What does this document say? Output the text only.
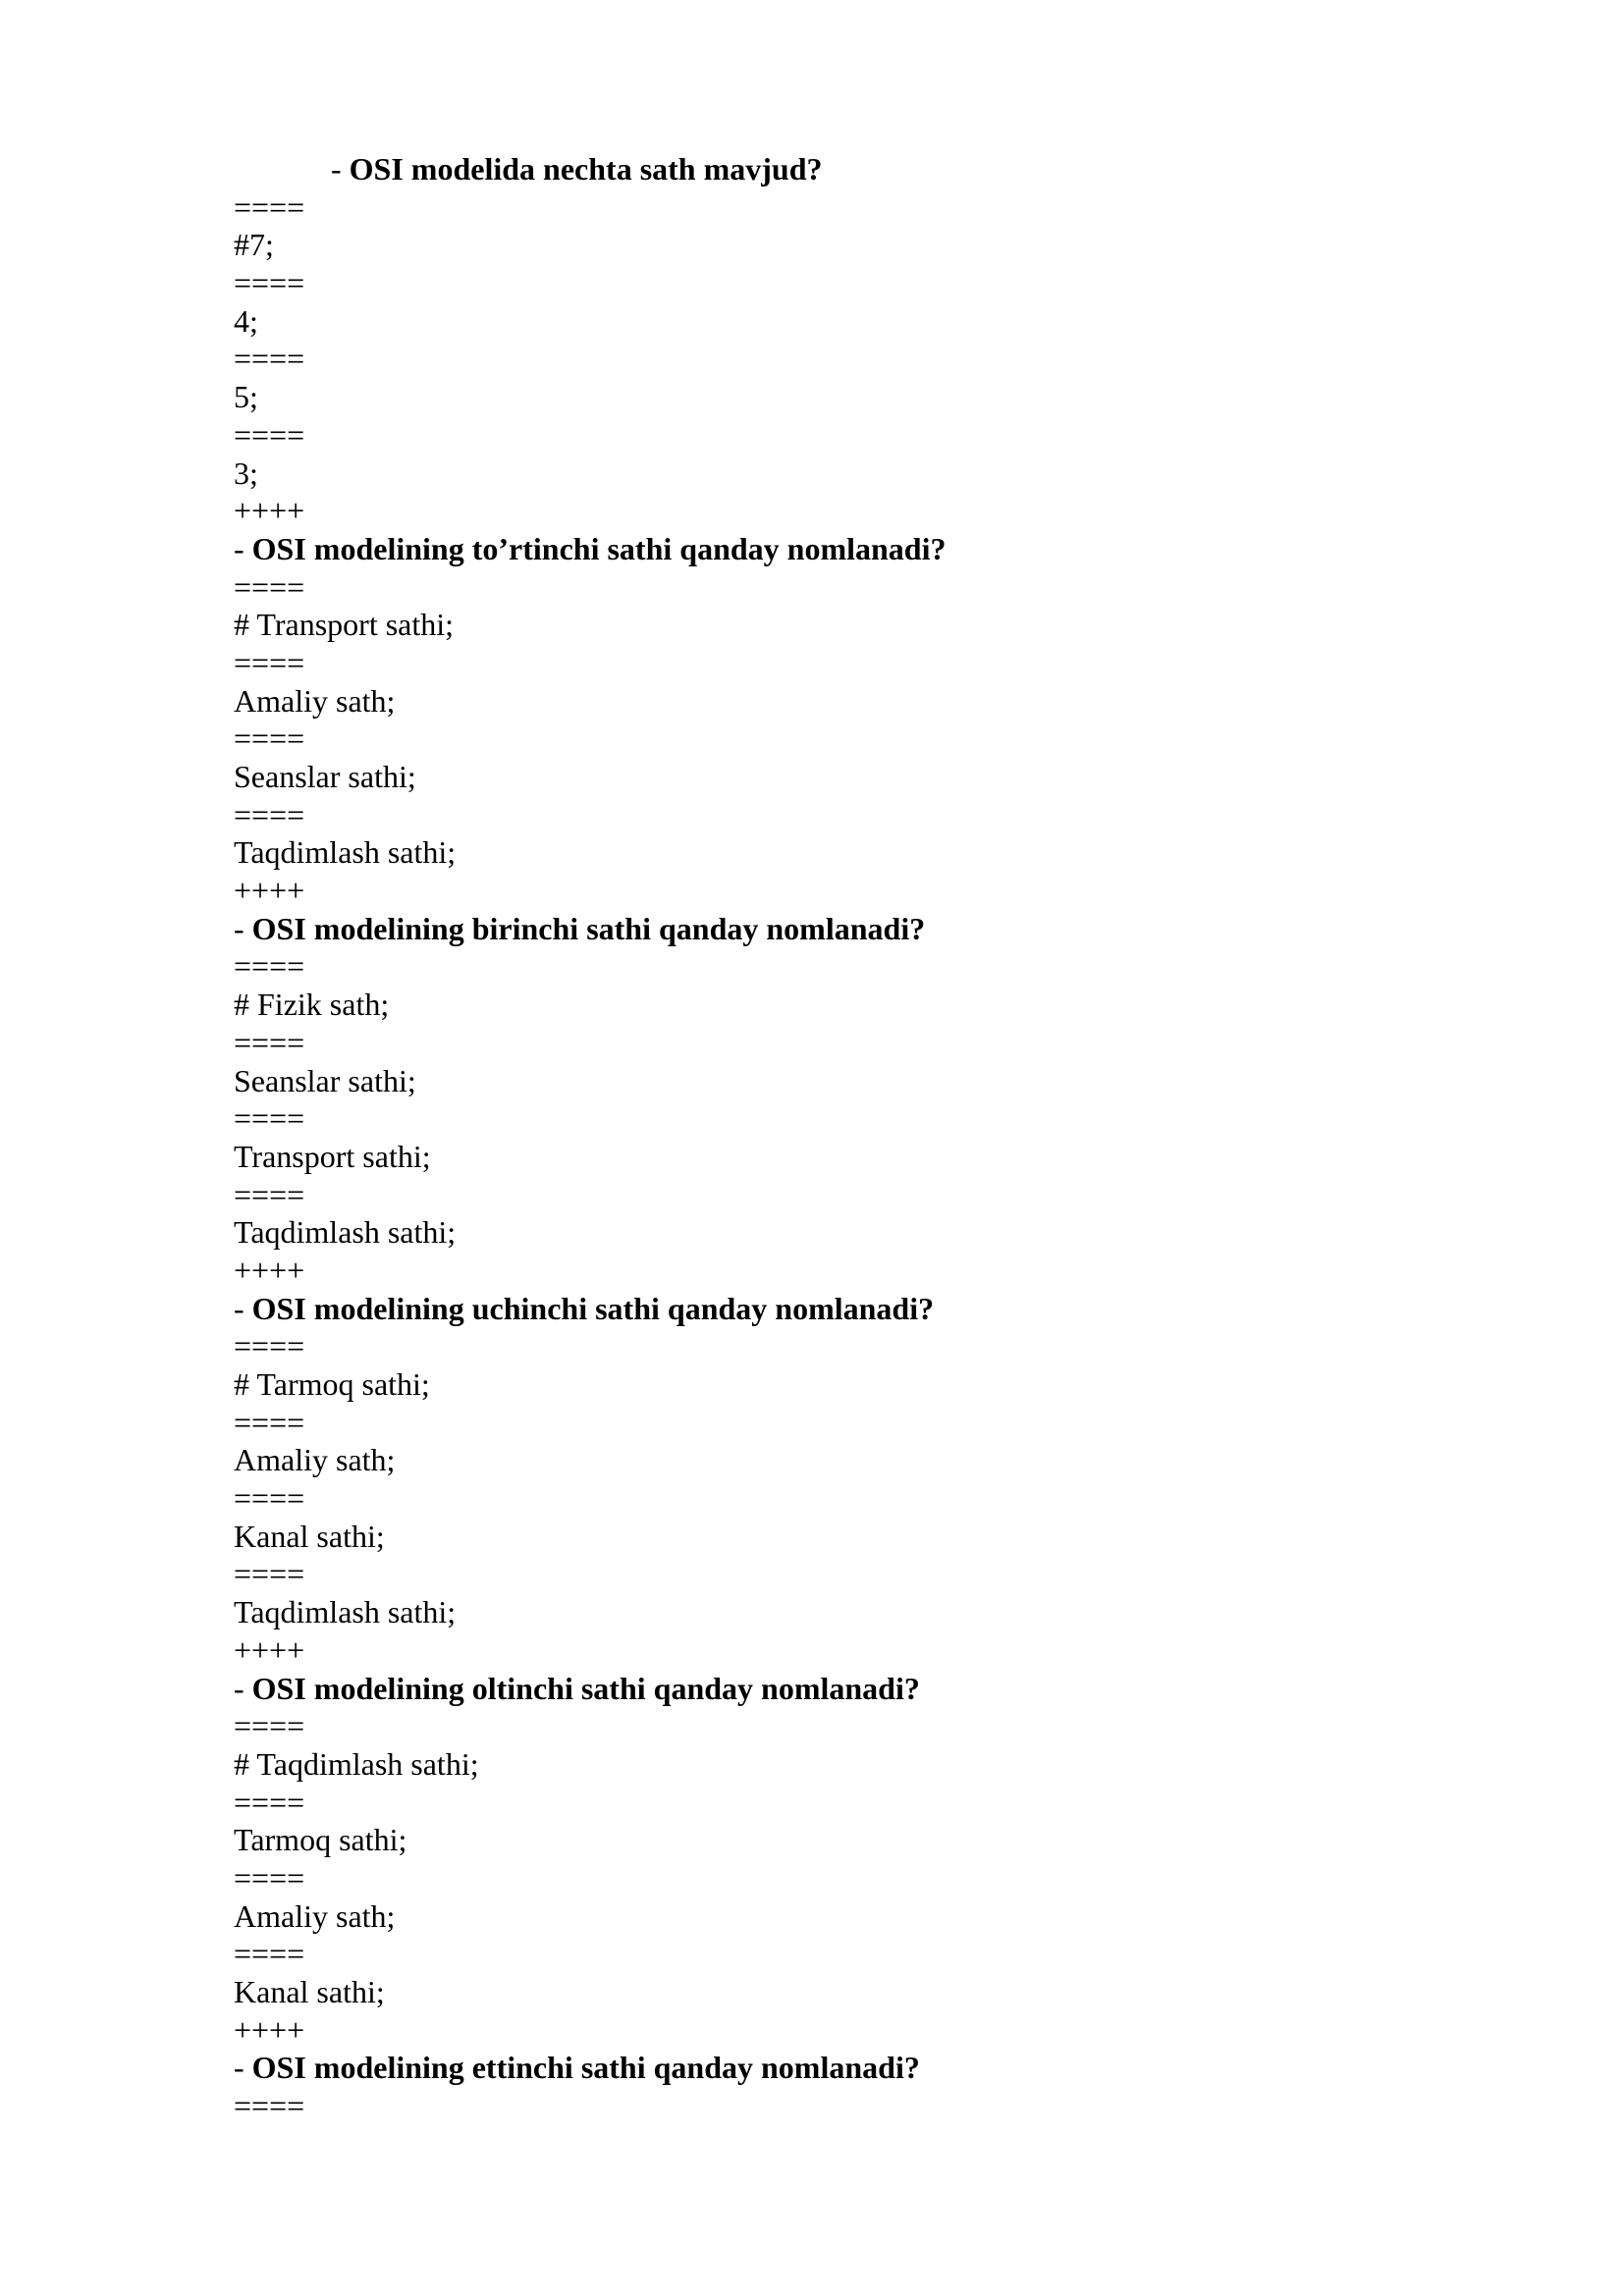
- OSI modelida nechta sath mavjud?
====
#7;
====
4;
====
5;
====
3;
++++
- OSI modelining to’rtinchi sathi qanday nomlanadi?
====
# Transport sathi;
====
Amaliy sath;
====
Seanslar sathi;
====
Taqdimlash sathi;
++++
- OSI modelining birinchi sathi qanday nomlanadi?
====
# Fizik sath;
====
Seanslar sathi;
====
Transport sathi;
====
Taqdimlash sathi;
++++
- OSI modelining uchinchi sathi qanday nomlanadi?
====
# Tarmoq sathi;
====
Amaliy sath;
====
Kanal sathi;
====
Taqdimlash sathi;
++++
- OSI modelining oltinchi sathi qanday nomlanadi?
====
# Taqdimlash sathi;
====
Tarmoq sathi;
====
Amaliy sath;
====
Kanal sathi;
++++
- OSI modelining ettinchi sathi qanday nomlanadi?
====
